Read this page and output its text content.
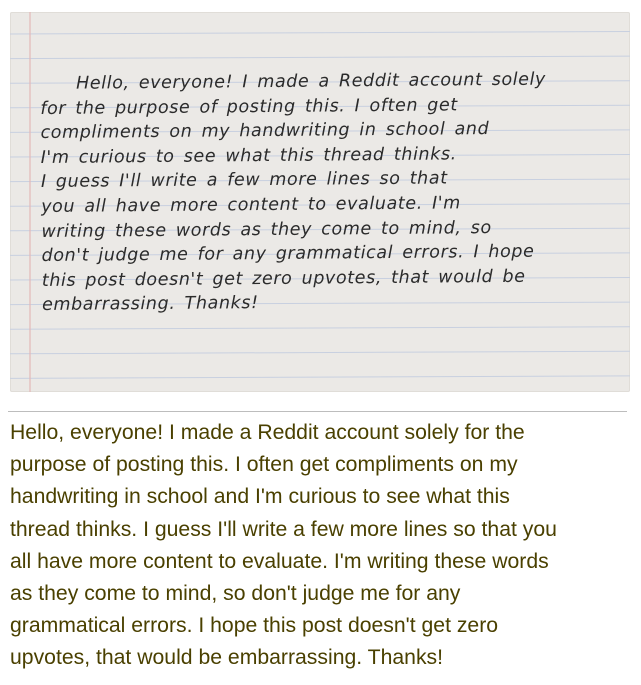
Hello, everyone! I made a Reddit account solely
for the purpose of posting this. I often get
compliments on my handwriting in school and
I'm curious to see what this thread thinks.
I guess I'll write a few more lines so that
you all have more content to evaluate. I'm
writing these words as they come to mind, so
don't judge me for any grammatical errors. I hope
this post doesn't get zero upvotes, that would be
embarrassing. Thanks!
Hello, everyone! I made a Reddit account solely for the
purpose of posting this. I often get compliments on my
handwriting in school and I'm curious to see what this
thread thinks. I guess I'll write a few more lines so that you
all have more content to evaluate. I'm writing these words
as they come to mind, so don't judge me for any
grammatical errors. I hope this post doesn't get zero
upvotes, that would be embarrassing. Thanks!
